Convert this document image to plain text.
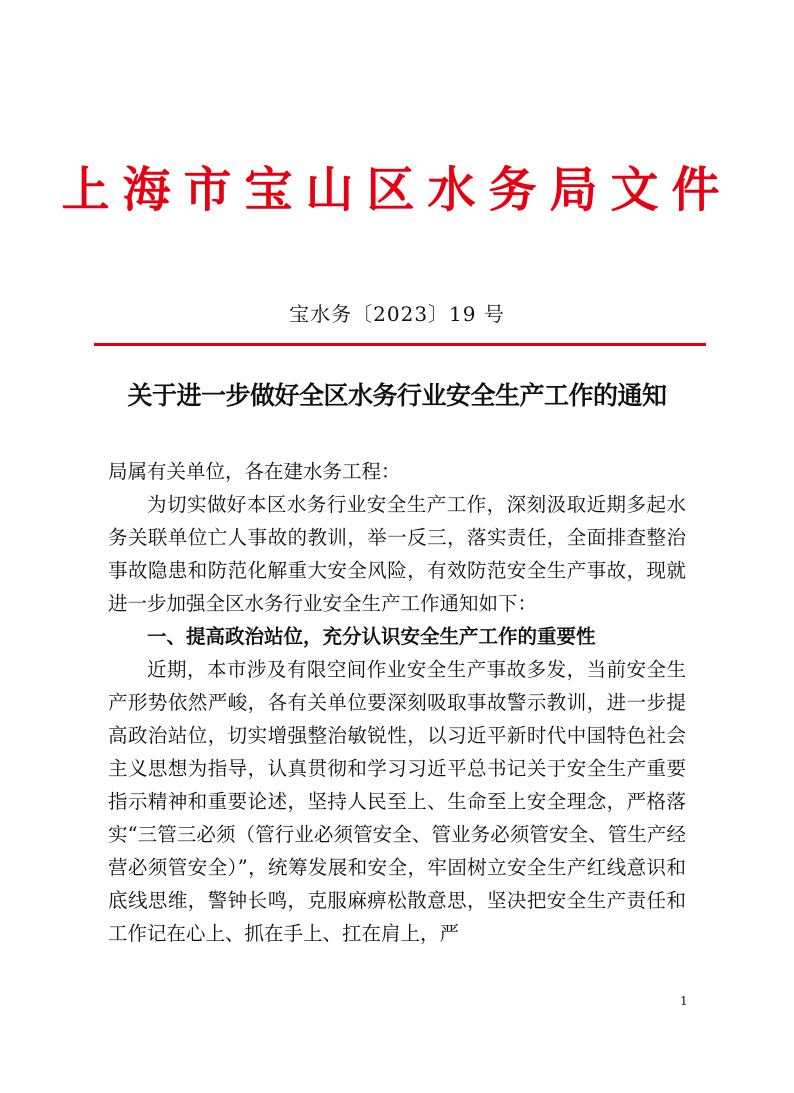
上海市宝山区水务局文件
宝水务〔2023〕19 号
关于进一步做好全区水务行业安全生产工作的通知

局属有关单位，各在建水务工程：

为切实做好本区水务行业安全生产工作，深刻汲取近期多起水务关联单位亡人事故的教训，举一反三，落实责任，全面排查整治事故隐患和防范化解重大安全风险，有效防范安全生产事故，现就进一步加强全区水务行业安全生产工作通知如下：

一、提高政治站位，充分认识安全生产工作的重要性

近期，本市涉及有限空间作业安全生产事故多发，当前安全生产形势依然严峻，各有关单位要深刻吸取事故警示教训，进一步提高政治站位，切实增强整治敏锐性，以习近平新时代中国特色社会主义思想为指导，认真贯彻和学习习近平总书记关于安全生产重要指示精神和重要论述，坚持人民至上、生命至上安全理念，严格落实“三管三必须（管行业必须管安全、管业务必须管安全、管生产经营必须管安全）”，统筹发展和安全，牢固树立安全生产红线意识和底线思维，警钟长鸣，克服麻痹松散意思，坚决把安全生产责任和工作记在心上、抓在手上、扛在肩上，严

1
